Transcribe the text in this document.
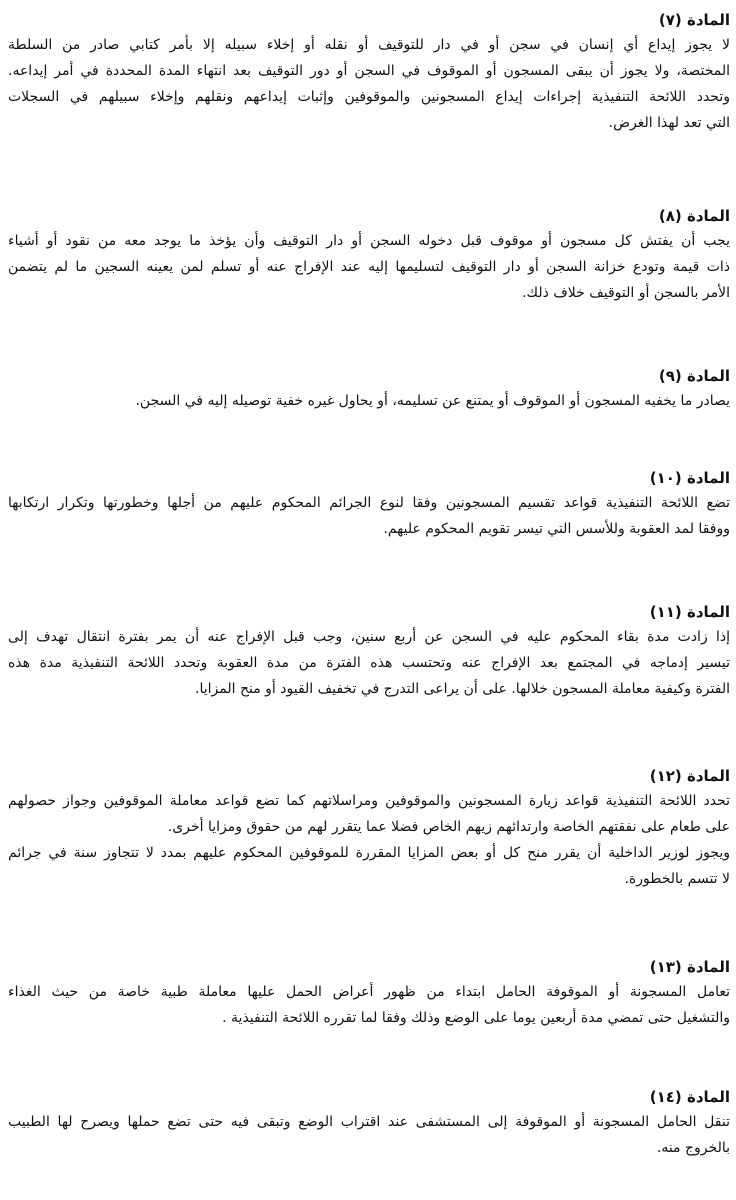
المادة (٧)

لا يجوز إيداع أي إنسان في سجن أو في دار للتوقيف أو نقله أو إخلاء سبيله إلا بأمر كتابي صادر من السلطة

المختصة، ولا يجوز أن يبقى المسجون أو الموقوف في السجن أو دور التوقيف بعد انتهاء المدة المحددة في أمر إيداعه.

وتحدد اللائحة التنفيذية إجراءات إيداع المسجونين والموقوفين وإثبات إيداعهم ونقلهم وإخلاء سبيلهم في السجلات

التي تعد لهذا الغرض.

المادة (٨)

يجب أن يفتش كل مسجون أو موقوف قبل دخوله السجن أو دار التوقيف وأن يؤخذ ما يوجد معه من نقود أو أشياء

ذات قيمة وتودع خزانة السجن أو دار التوقيف لتسليمها إليه عند الإفراج عنه أو تسلم لمن يعينه السجين ما لم يتضمن

الأمر بالسجن أو التوقيف خلاف ذلك.

المادة (٩)

يصادر ما يخفيه المسجون أو الموقوف أو يمتنع عن تسليمه، أو يحاول غيره خفية توصيله إليه في السجن.

المادة (١٠)

تضع اللائحة التنفيذية قواعد تقسيم المسجونين وفقا لنوع الجرائم المحكوم عليهم من أجلها وخطورتها وتكرار ارتكابها

ووفقا لمد العقوبة وللأسس التي تيسر تقويم المحكوم عليهم.

المادة (١١)

إذا زادت مدة بقاء المحكوم عليه في السجن عن أربع سنين، وجب قبل الإفراج عنه أن يمر بفترة انتقال تهدف إلى

تيسير إدماجه في المجتمع بعد الإفراج عنه وتحتسب هذه الفترة من مدة العقوبة وتحدد اللائحة التنفيذية مدة هذه

الفترة وكيفية معاملة المسجون خلالها. على أن يراعى التدرج في تخفيف القيود أو منح المزايا.

المادة (١٢)

تحدد اللائحة التنفيذية قواعد زيارة المسجونين والموقوفين ومراسلاتهم كما تضع قواعد معاملة الموقوفين وجواز حصولهم

على طعام على نفقتهم الخاصة وارتدائهم زيهم الخاص فضلا عما يتقرر لهم من حقوق ومزايا أخرى.

ويجوز لوزير الداخلية أن يقرر منح كل أو بعض المزايا المقررة للموقوفين المحكوم عليهم بمدد لا تتجاوز سنة في جرائم

لا تتسم بالخطورة.

المادة (١٣)

تعامل المسجونة أو الموقوفة الحامل ابتداء من ظهور أعراض الحمل عليها معاملة طبية خاصة من حيث الغذاء

والتشغيل حتى تمضي مدة أربعين يوما على الوضع وذلك وفقا لما تقرره اللائحة التنفيذية .

المادة (١٤)

تنقل الحامل المسجونة أو الموقوفة إلى المستشفى عند اقتراب الوضع وتبقى فيه حتى تضع حملها ويصرح لها الطبيب

بالخروج منه.
